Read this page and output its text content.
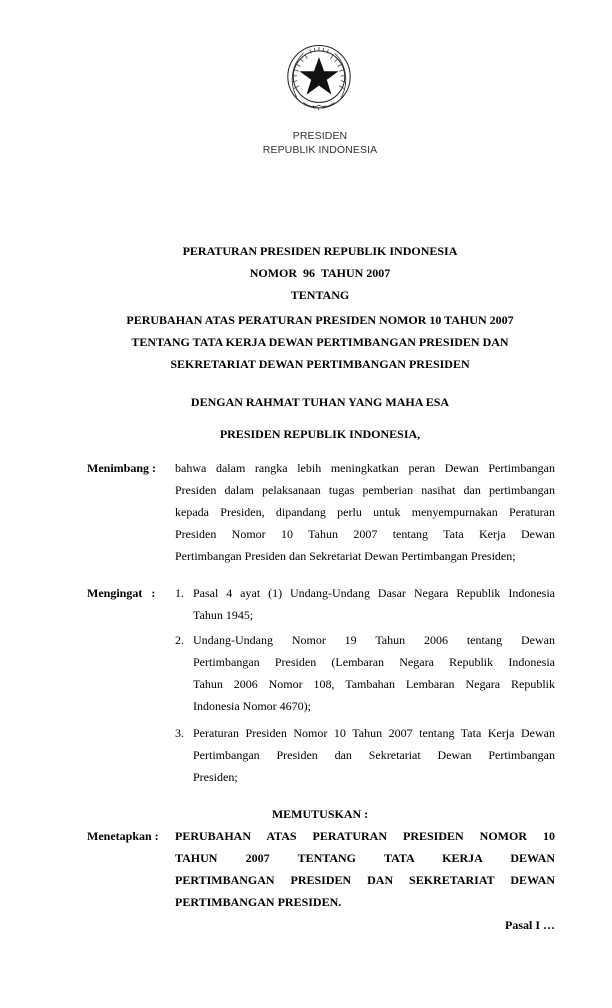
PRESIDEN
REPUBLIK INDONESIA
PERATURAN PRESIDEN REPUBLIK INDONESIA
NOMOR  96  TAHUN 2007
TENTANG
PERUBAHAN ATAS PERATURAN PRESIDEN NOMOR 10 TAHUN 2007
TENTANG TATA KERJA DEWAN PERTIMBANGAN PRESIDEN DAN
SEKRETARIAT DEWAN PERTIMBANGAN PRESIDEN
DENGAN RAHMAT TUHAN YANG MAHA ESA
PRESIDEN REPUBLIK INDONESIA,
Menimbang : bahwa dalam rangka lebih meningkatkan peran Dewan Pertimbangan
Presiden dalam pelaksanaan tugas pemberian nasihat dan pertimbangan
kepada Presiden, dipandang perlu untuk menyempurnakan Peraturan
Presiden Nomor 10 Tahun 2007 tentang Tata Kerja Dewan
Pertimbangan Presiden dan Sekretariat Dewan Pertimbangan Presiden;
Mengingat   : 1. Pasal 4 ayat (1) Undang-Undang Dasar Negara Republik Indonesia
Tahun 1945;
2. Undang-Undang Nomor 19 Tahun 2006 tentang Dewan
Pertimbangan Presiden (Lembaran Negara Republik Indonesia
Tahun 2006 Nomor 108, Tambahan Lembaran Negara Republik
Indonesia Nomor 4670);
3. Peraturan Presiden Nomor 10 Tahun 2007 tentang Tata Kerja Dewan
Pertimbangan Presiden dan Sekretariat Dewan Pertimbangan
Presiden;
MEMUTUSKAN :
Menetapkan : PERUBAHAN ATAS PERATURAN PRESIDEN NOMOR 10
TAHUN 2007 TENTANG TATA KERJA DEWAN
PERTIMBANGAN PRESIDEN DAN SEKRETARIAT DEWAN
PERTIMBANGAN PRESIDEN.
Pasal I …
